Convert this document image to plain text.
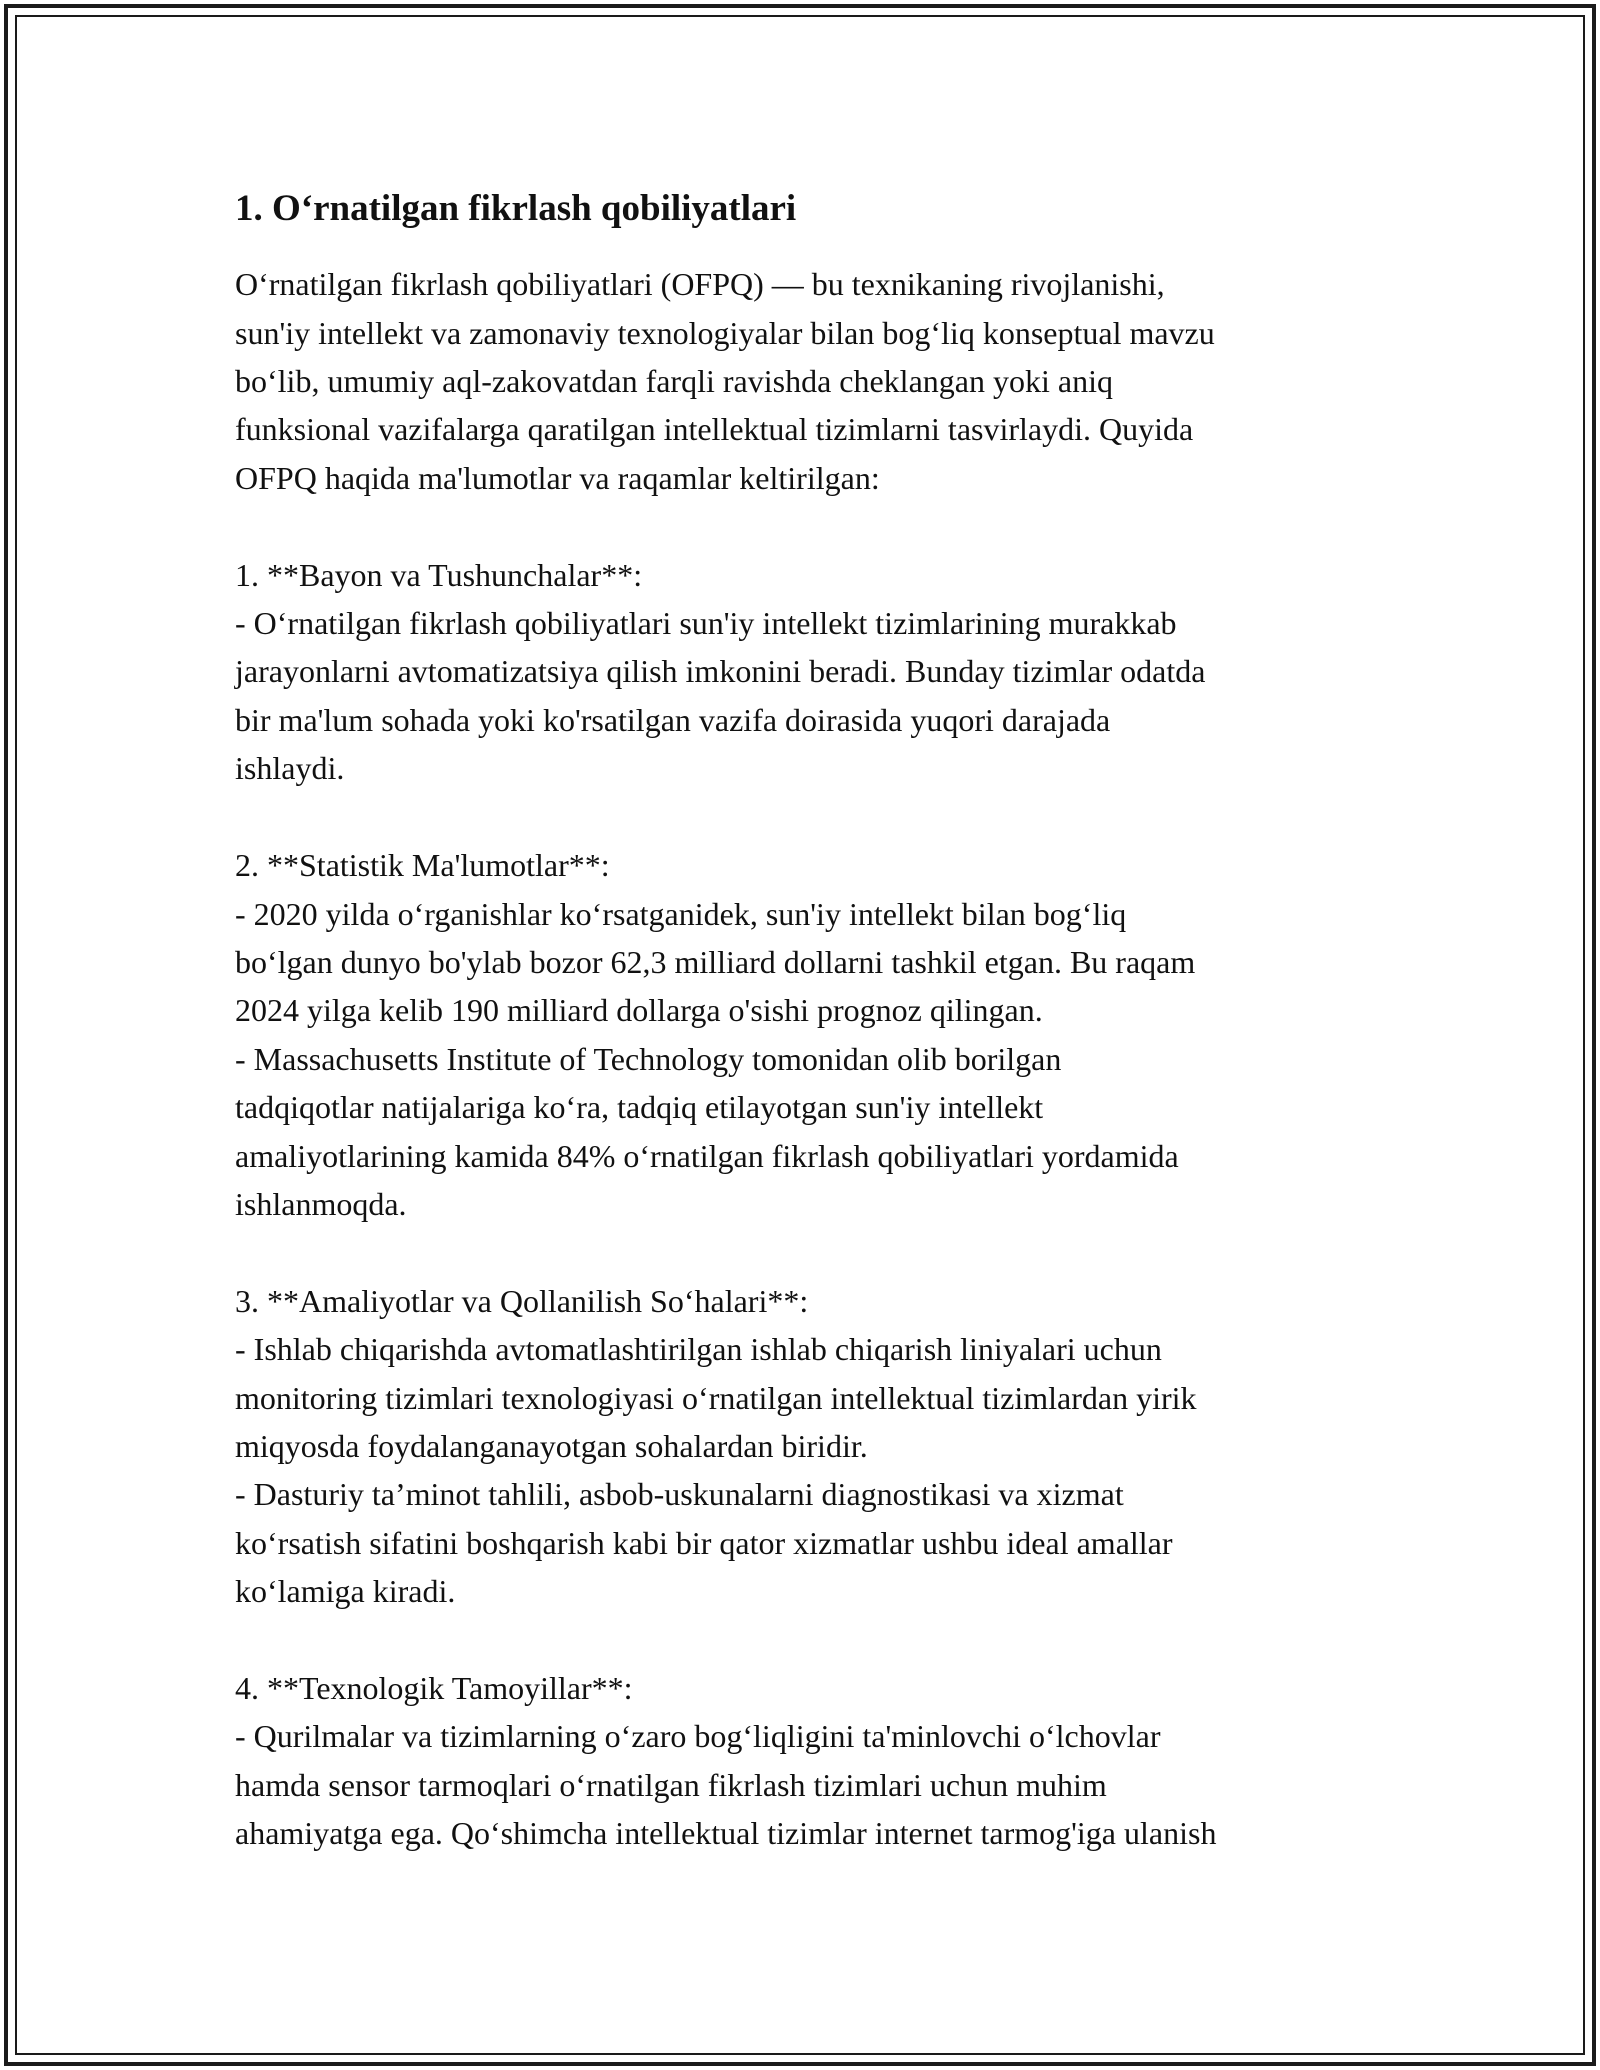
1. O‘rnatilgan fikrlash qobiliyatlari

O‘rnatilgan fikrlash qobiliyatlari (OFPQ) — bu texnikaning rivojlanishi,
sun'iy intellekt va zamonaviy texnologiyalar bilan bog‘liq konseptual mavzu
bo‘lib, umumiy aql-zakovatdan farqli ravishda cheklangan yoki aniq
funksional vazifalarga qaratilgan intellektual tizimlarni tasvirlaydi. Quyida
OFPQ haqida ma'lumotlar va raqamlar keltirilgan:

1. **Bayon va Tushunchalar**:

- O‘rnatilgan fikrlash qobiliyatlari sun'iy intellekt tizimlarining murakkab
jarayonlarni avtomatizatsiya qilish imkonini beradi. Bunday tizimlar odatda
bir ma'lum sohada yoki ko'rsatilgan vazifa doirasida yuqori darajada
ishlaydi.

2. **Statistik Ma'lumotlar**:

- 2020 yilda o‘rganishlar ko‘rsatganidek, sun'iy intellekt bilan bog‘liq
bo‘lgan dunyo bo'ylab bozor 62,3 milliard dollarni tashkil etgan. Bu raqam
2024 yilga kelib 190 milliard dollarga o'sishi prognoz qilingan.

- Massachusetts Institute of Technology tomonidan olib borilgan
tadqiqotlar natijalariga ko‘ra, tadqiq etilayotgan sun'iy intellekt
amaliyotlarining kamida 84% o‘rnatilgan fikrlash qobiliyatlari yordamida
ishlanmoqda.

3. **Amaliyotlar va Qollanilish So‘halari**:

- Ishlab chiqarishda avtomatlashtirilgan ishlab chiqarish liniyalari uchun
monitoring tizimlari texnologiyasi o‘rnatilgan intellektual tizimlardan yirik
miqyosda foydalanganayotgan sohalardan biridir.

- Dasturiy ta’minot tahlili, asbob-uskunalarni diagnostikasi va xizmat
ko‘rsatish sifatini boshqarish kabi bir qator xizmatlar ushbu ideal amallar
ko‘lamiga kiradi.

4. **Texnologik Tamoyillar**:

- Qurilmalar va tizimlarning o‘zaro bog‘liqligini ta'minlovchi o‘lchovlar
hamda sensor tarmoqlari o‘rnatilgan fikrlash tizimlari uchun muhim
ahamiyatga ega. Qo‘shimcha intellektual tizimlar internet tarmog'iga ulanish
